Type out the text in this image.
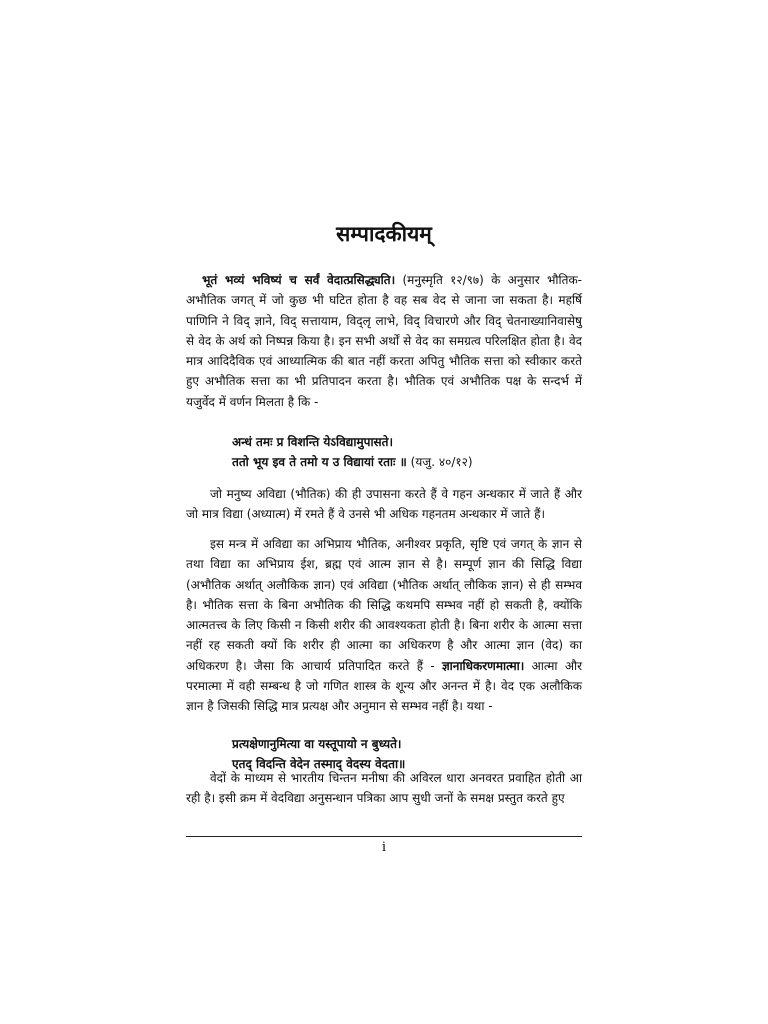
सम्पादकीयम्

भूतं भव्यं भविष्यं च सर्वं वेदात्प्रसिद्ध्यति। (मनुस्मृति १२/९७) के अनुसार भौतिक-अभौतिक जगत् में जो कुछ भी घटित होता है वह सब वेद से जाना जा सकता है। महर्षि पाणिनि ने विद् ज्ञाने, विद् सत्तायाम, विद्लृ लाभे, विद् विचारणे और विद् चेतनाख्यानिवासेषु से वेद के अर्थ को निष्पन्न किया है। इन सभी अर्थों से वेद का समग्रत्व परिलक्षित होता है। वेद मात्र आदिदैविक एवं आध्यात्मिक की बात नहीं करता अपितु भौतिक सत्ता को स्वीकार करते हुए अभौतिक सत्ता का भी प्रतिपादन करता है। भौतिक एवं अभौतिक पक्ष के सन्दर्भ में यजुर्वेद में वर्णन मिलता है कि -

अन्धं तमः प्र विशन्ति येऽविद्यामुपासते।
ततो भूय इव ते तमो य उ विद्यायां रताः ॥ (यजु. ४०/१२)

जो मनुष्य अविद्या (भौतिक) की ही उपासना करते हैं वे गहन अन्धकार में जाते हैं और जो मात्र विद्या (अध्यात्म) में रमते हैं वे उनसे भी अधिक गहनतम अन्धकार में जाते हैं।

इस मन्त्र में अविद्या का अभिप्राय भौतिक, अनीश्वर प्रकृति, सृष्टि एवं जगत् के ज्ञान से तथा विद्या का अभिप्राय ईश, ब्रह्म एवं आत्म ज्ञान से है। सम्पूर्ण ज्ञान की सिद्धि विद्या (अभौतिक अर्थात् अलौकिक ज्ञान) एवं अविद्या (भौतिक अर्थात् लौकिक ज्ञान) से ही सम्भव है। भौतिक सत्ता के बिना अभौतिक की सिद्धि कथमपि सम्भव नहीं हो सकती है, क्योंकि आत्मतत्त्व के लिए किसी न किसी शरीर की आवश्यकता होती है। बिना शरीर के आत्मा सत्ता नहीं रह सकती क्यों कि शरीर ही आत्मा का अधिकरण है और आत्मा ज्ञान (वेद) का अधिकरण है। जैसा कि आचार्य प्रतिपादित करते हैं - ज्ञानाधिकरणमात्मा। आत्मा और परमात्मा में वही सम्बन्ध है जो गणित शास्त्र के शून्य और अनन्त में है। वेद एक अलौकिक ज्ञान है जिसकी सिद्धि मात्र प्रत्यक्ष और अनुमान से सम्भव नहीं है। यथा -

प्रत्यक्षेणानुमित्या वा यस्तूपायो न बुध्यते।
एतद् विदन्ति वेदेन तस्माद् वेदस्य वेदता॥

वेदों के माध्यम से भारतीय चिन्तन मनीषा की अविरल धारा अनवरत प्रवाहित होती आ रही है। इसी क्रम में वेदविद्या अनुसन्धान पत्रिका आप सुधी जनों के समक्ष प्रस्तुत करते हुए

i
